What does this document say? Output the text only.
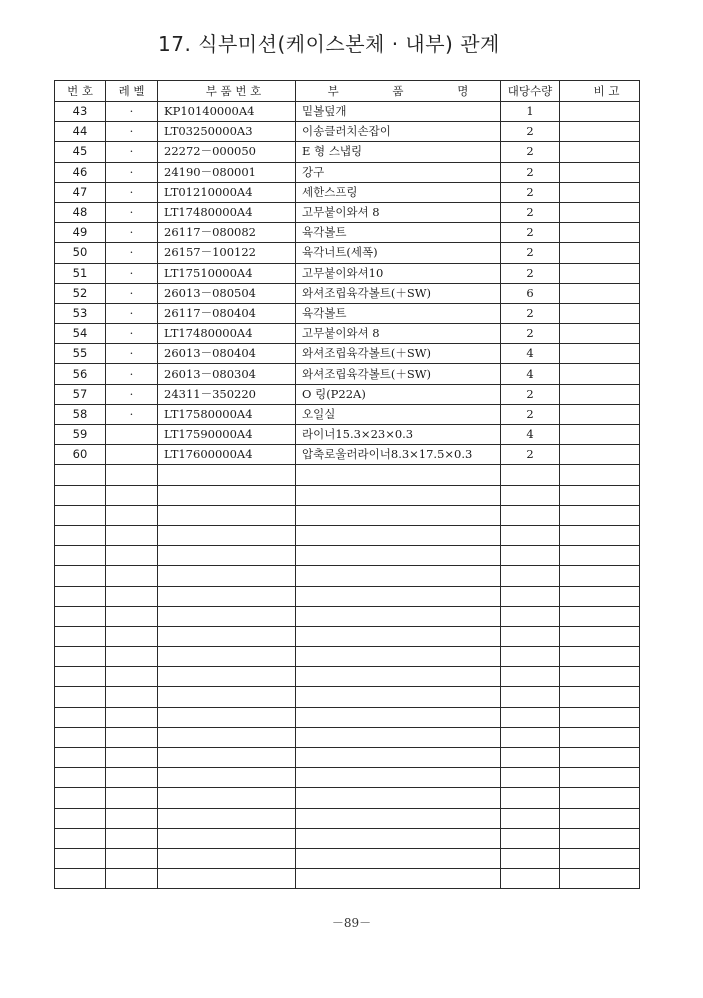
17. 식부미션(케이스본체 · 내부) 관계
번 호	레 벨	부 품 번 호	부 품 명	대당수량	비 고
43	·	KP10140000A4	밑볼덮개	1	
44	·	LT03250000A3	이송클러치손잡이	2	
45	·	22272－000050	E 형 스냅링	2	
46	·	24190－080001	강구	2	
47	·	LT01210000A4	세한스프링	2	
48	·	LT17480000A4	고무붙이와셔 8	2	
49	·	26117－080082	육각볼트	2	
50	·	26157－100122	육각너트(세폭)	2	
51	·	LT17510000A4	고무붙이와셔10	2	
52	·	26013－080504	와셔조립육각볼트(＋SW)	6	
53	·	26117－080404	육각볼트	2	
54	·	LT17480000A4	고무붙이와셔 8	2	
55	·	26013－080404	와셔조립육각볼트(＋SW)	4	
56	·	26013－080304	와셔조립육각볼트(＋SW)	4	
57	·	24311－350220	O 링(P22A)	2	
58	·	LT17580000A4	오일실	2	
59		LT17590000A4	라이너15.3×23×0.3	4	
60		LT17600000A4	압축로울러라이너8.3×17.5×0.3	2	

－89－
